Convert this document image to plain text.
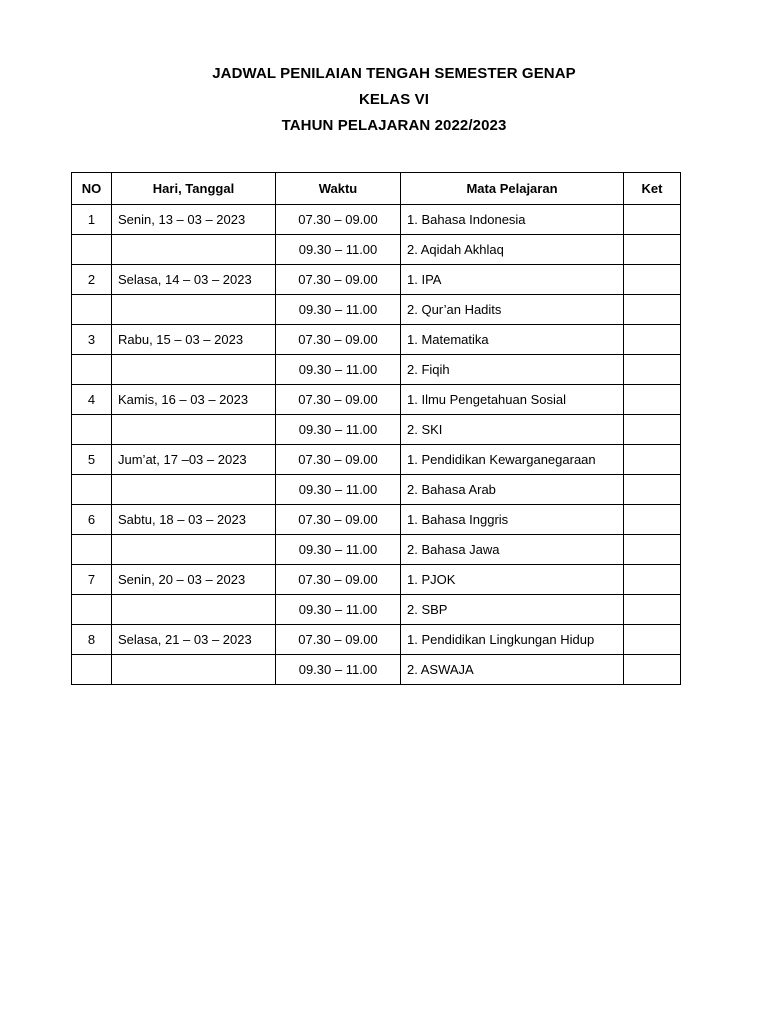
JADWAL PENILAIAN TENGAH SEMESTER GENAP
KELAS VI
TAHUN PELAJARAN 2022/2023
NO	Hari, Tanggal	Waktu	Mata Pelajaran	Ket
1	Senin, 13 – 03 – 2023	07.30 – 09.00	1. Bahasa Indonesia	
		09.30 – 11.00	2. Aqidah Akhlaq	
2	Selasa, 14 – 03 – 2023	07.30 – 09.00	1. IPA	
		09.30 – 11.00	2. Qur’an Hadits	
3	Rabu, 15 – 03 – 2023	07.30 – 09.00	1. Matematika	
		09.30 – 11.00	2. Fiqih	
4	Kamis, 16 – 03 – 2023	07.30 – 09.00	1. Ilmu Pengetahuan Sosial	
		09.30 – 11.00	2. SKI	
5	Jum’at, 17 –03 – 2023	07.30 – 09.00	1. Pendidikan Kewarganegaraan	
		09.30 – 11.00	2. Bahasa Arab	
6	Sabtu, 18 – 03 – 2023	07.30 – 09.00	1. Bahasa Inggris	
		09.30 – 11.00	2. Bahasa Jawa	
7	Senin, 20 – 03 – 2023	07.30 – 09.00	1. PJOK	
		09.30 – 11.00	2. SBP	
8	Selasa, 21 – 03 – 2023	07.30 – 09.00	1. Pendidikan Lingkungan Hidup	
		09.30 – 11.00	2. ASWAJA	
